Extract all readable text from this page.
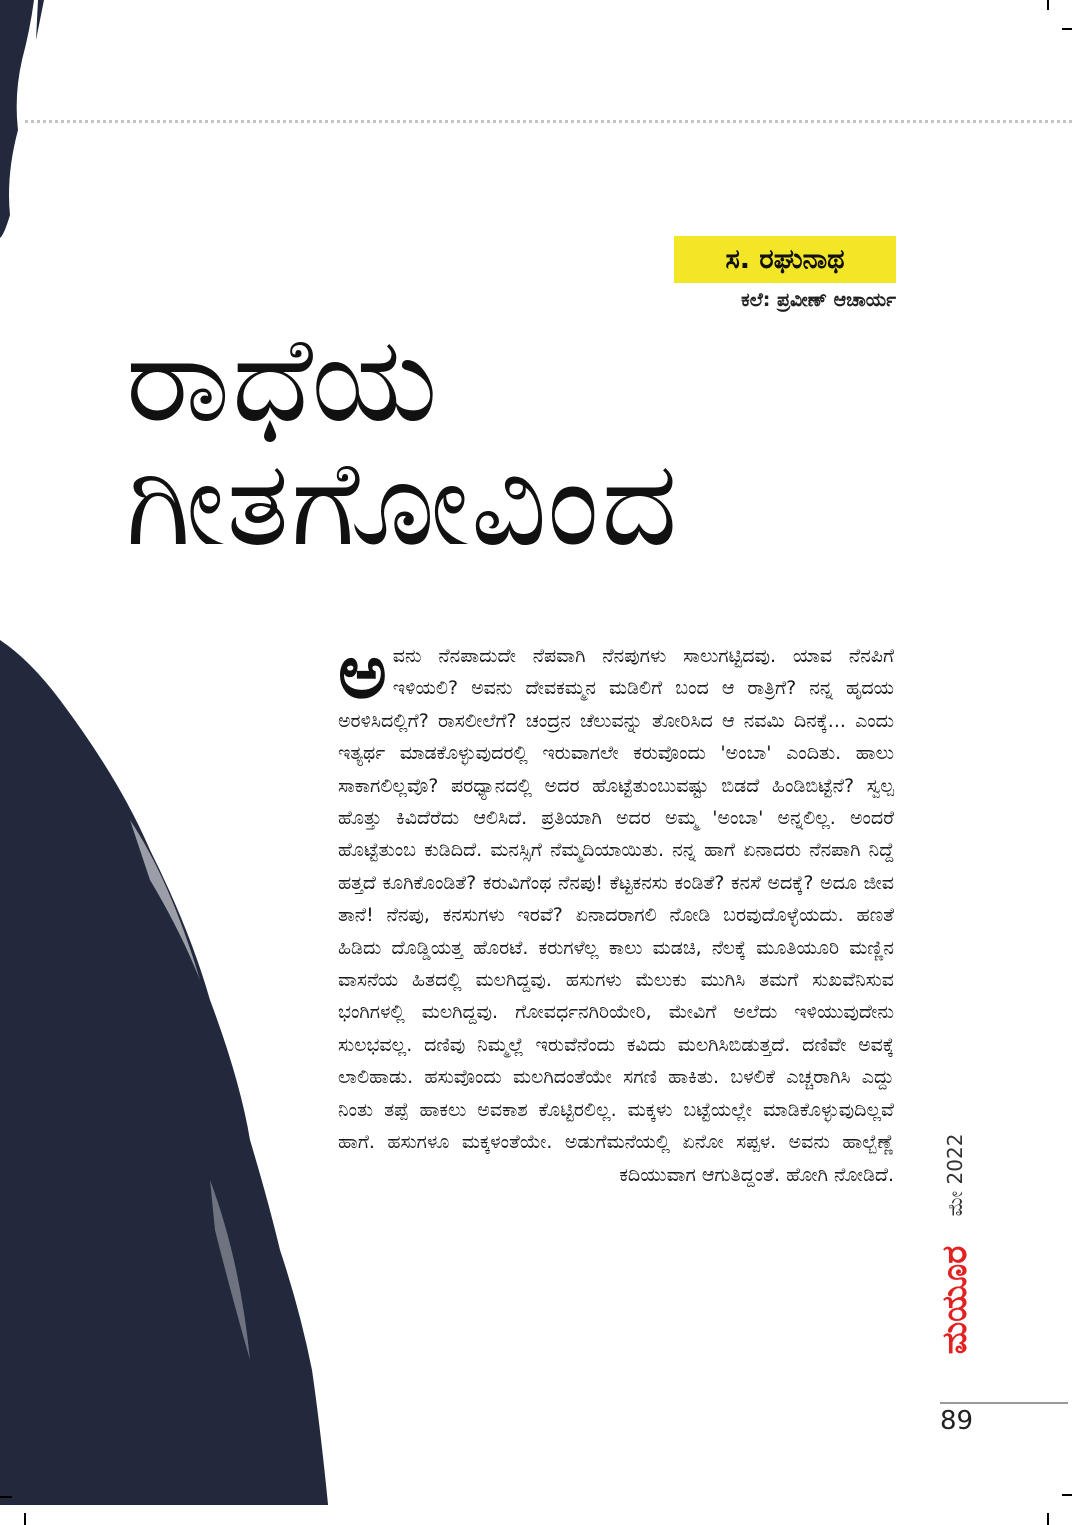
ಸ. ರಘುನಾಥ
ಕಲೆ: ಪ್ರವೀಣ್ ಆಚಾರ್ಯ
ರಾಧೆಯ
ಗೀತಗೋವಿಂದ
ಅ ವನು ನೆನಪಾದುದೇ ನೆಪವಾಗಿ ನೆನಪುಗಳು ಸಾಲುಗಟ್ಟಿದವು. ಯಾವ ನೆನಪಿಗೆ ಇಳಿಯಲಿ? ಅವನು ದೇವಕಮ್ಮನ ಮಡಿಲಿಗೆ ಬಂದ ಆ ರಾತ್ರಿಗೆ? ನನ್ನ ಹೃದಯ ಅರಳಿಸಿದಲ್ಲಿಗೆ? ರಾಸಲೀಲೆಗೆ? ಚಂದ್ರನ ಚೆಲುವನ್ನು ತೋರಿಸಿದ ಆ ನವಮಿ ದಿನಕ್ಕೆ... ಎಂದು ಇತ್ಯರ್ಥ ಮಾಡಕೊಳ್ಳುವುದರಲ್ಲಿ ಇರುವಾಗಲೇ ಕರುವೊಂದು 'ಅಂಬಾ' ಎಂದಿತು. ಹಾಲು ಸಾಕಾಗಲಿಲ್ಲವೊ? ಪರಧ್ಯಾನದಲ್ಲಿ ಅದರ ಹೊಟ್ಟೆತುಂಬುವಷ್ಟು ಬಿಡದೆ ಹಿಂಡಿಬಿಟ್ಟೆನೆ? ಸ್ವಲ್ಪ ಹೊತ್ತು ಕಿವಿದೆರೆದು ಆಲಿಸಿದೆ. ಪ್ರತಿಯಾಗಿ ಅದರ ಅಮ್ಮ 'ಅಂಬಾ' ಅನ್ನಲಿಲ್ಲ. ಅಂದರೆ ಹೊಟ್ಟೆತುಂಬ ಕುಡಿದಿದೆ. ಮನಸ್ಸಿಗೆ ನೆಮ್ಮದಿಯಾಯಿತು. ನನ್ನ ಹಾಗೆ ಏನಾದರು ನೆನಪಾಗಿ ನಿದ್ದೆ ಹತ್ತದೆ ಕೂಗಿಕೊಂಡಿತೆ? ಕರುವಿಗೆಂಥ ನೆನಪು! ಕೆಟ್ಟಕನಸು ಕಂಡಿತೆ? ಕನಸೆ ಅದಕ್ಕೆ? ಅದೂ ಜೀವ ತಾನೆ! ನೆನಪು, ಕನಸುಗಳು ಇರವೆ? ಏನಾದರಾಗಲಿ ನೋಡಿ ಬರವುದೊಳ್ಳೆಯದು. ಹಣತೆ ಹಿಡಿದು ದೊಡ್ಡಿಯತ್ತ ಹೊರಟೆ. ಕರುಗಳೆಲ್ಲ ಕಾಲು ಮಡಚಿ, ನೆಲಕ್ಕೆ ಮೂತಿಯೂರಿ ಮಣ್ಣಿನ ವಾಸನೆಯ ಹಿತದಲ್ಲಿ ಮಲಗಿದ್ದವು. ಹಸುಗಳು ಮೆಲುಕು ಮುಗಿಸಿ ತಮಗೆ ಸುಖವೆನಿಸುವ ಭಂಗಿಗಳಲ್ಲಿ ಮಲಗಿದ್ದವು. ಗೋವರ್ಧನಗಿರಿಯೇರಿ, ಮೇವಿಗೆ ಅಲೆದು ಇಳಿಯುವುದೇನು ಸುಲಭವಲ್ಲ. ದಣಿವು ನಿಮ್ಮಲ್ಲೆ ಇರುವೆನೆಂದು ಕವಿದು ಮಲಗಿಸಿಬಿಡುತ್ತದೆ. ದಣಿವೇ ಅವಕ್ಕೆ ಲಾಲಿಹಾಡು. ಹಸುವೊಂದು ಮಲಗಿದಂತೆಯೇ ಸಗಣಿ ಹಾಕಿತು. ಬಳಲಿಕೆ ಎಚ್ಚರಾಗಿಸಿ ಎದ್ದು ನಿಂತು ತಪ್ಪೆ ಹಾಕಲು ಅವಕಾಶ ಕೊಟ್ಟಿರಲಿಲ್ಲ. ಮಕ್ಕಳು ಬಟ್ಟೆಯಲ್ಲೇ ಮಾಡಿಕೊಳ್ಳುವುದಿಲ್ಲವೆ ಹಾಗೆ. ಹಸುಗಳೂ ಮಕ್ಕಳಂತೆಯೇ. ಅಡುಗೆಮನೆಯಲ್ಲಿ ಏನೋ ಸಪ್ಪಳ. ಅವನು ಹಾಲ್ಬೆಣ್ಣೆ ಕದಿಯುವಾಗ ಆಗುತಿದ್ದಂತೆ. ಹೋಗಿ ನೋಡಿದೆ. ಮೇ 2022
ಮಯೂರ
89
